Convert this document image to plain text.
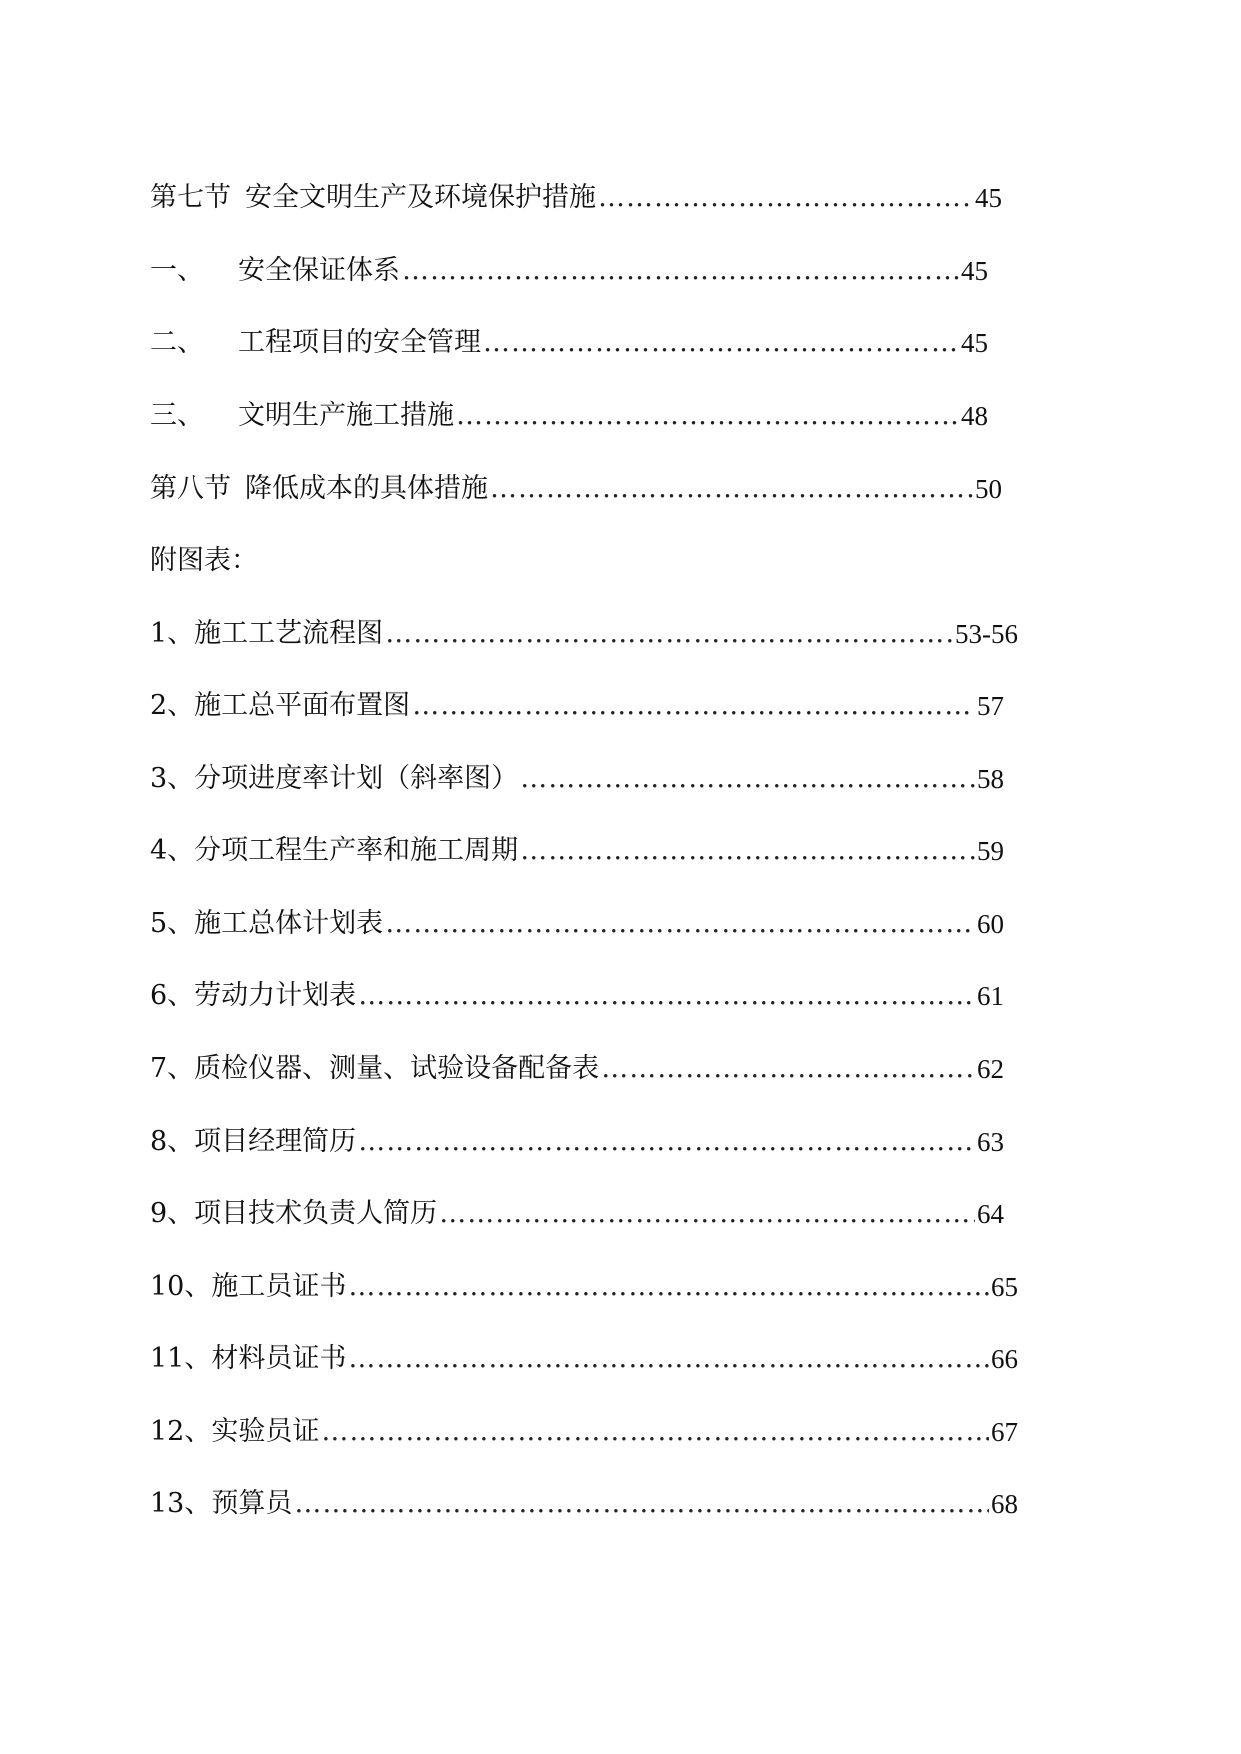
第七节 安全文明生产及环境保护措施 ……………………………………………………………………………………………………………………………………………………………………………………………………	45
一、	安全保证体系 ……………………………………………………………………………………………………………………………………………………………………………………………………	45
二、	工程项目的安全管理 ……………………………………………………………………………………………………………………………………………………………………………………………………	45
三、	文明生产施工措施 ……………………………………………………………………………………………………………………………………………………………………………………………………	48
第八节 降低成本的具体措施 ……………………………………………………………………………………………………………………………………………………………………………………………………	50
附图表：
1、施工工艺流程图 ……………………………………………………………………………………………………………………………………………………………………………………………………	53-56
2、施工总平面布置图 ……………………………………………………………………………………………………………………………………………………………………………………………………	57
3、分项进度率计划（斜率图） ……………………………………………………………………………………………………………………………………………………………………………………………………	58
4、分项工程生产率和施工周期 ……………………………………………………………………………………………………………………………………………………………………………………………………	59
5、施工总体计划表 ……………………………………………………………………………………………………………………………………………………………………………………………………	60
6、劳动力计划表 ……………………………………………………………………………………………………………………………………………………………………………………………………	61
7、质检仪器、测量、试验设备配备表 ……………………………………………………………………………………………………………………………………………………………………………………………………	62
8、项目经理简历 ……………………………………………………………………………………………………………………………………………………………………………………………………	63
9、项目技术负责人简历 ……………………………………………………………………………………………………………………………………………………………………………………………………	64
10、施工员证书 ……………………………………………………………………………………………………………………………………………………………………………………………………	65
11、材料员证书 ……………………………………………………………………………………………………………………………………………………………………………………………………	66
12、实验员证 ……………………………………………………………………………………………………………………………………………………………………………………………………	67
13、预算员 ……………………………………………………………………………………………………………………………………………………………………………………………………	68
